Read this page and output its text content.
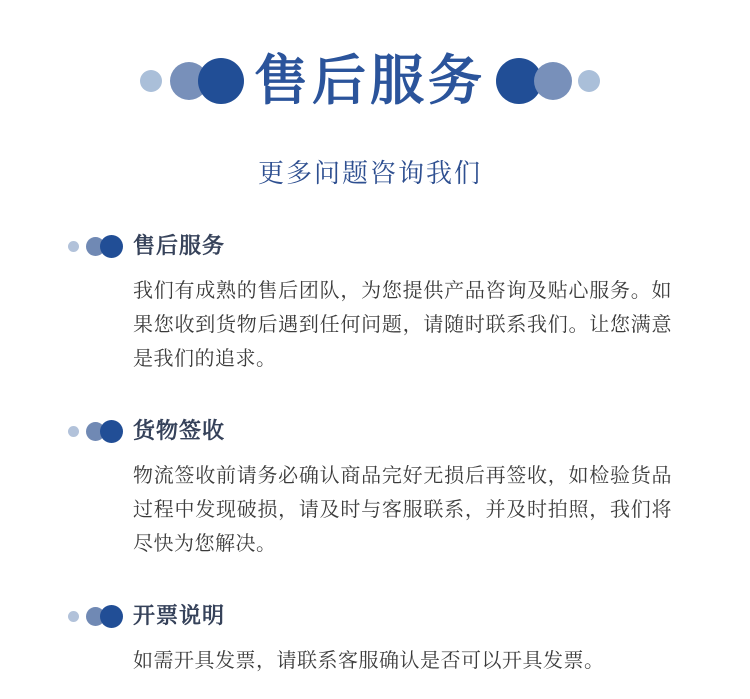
售后服务
更多问题咨询我们
售后服务
我们有成熟的售后团队，为您提供产品咨询及贴心服务。如果您收到货物后遇到任何问题，请随时联系我们。让您满意是我们的追求。
货物签收
物流签收前请务必确认商品完好无损后再签收，如检验货品过程中发现破损，请及时与客服联系，并及时拍照，我们将尽快为您解决。
开票说明
如需开具发票，请联系客服确认是否可以开具发票。
